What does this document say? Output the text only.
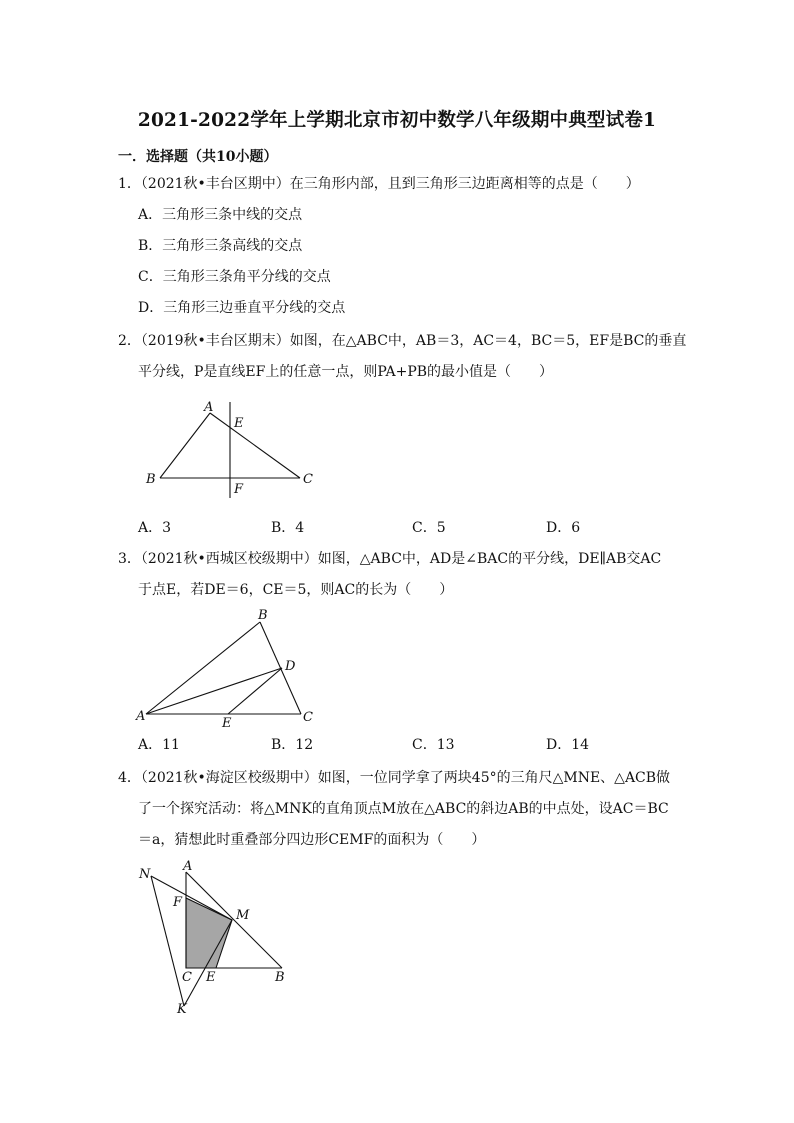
2021-2022学年上学期北京市初中数学八年级期中典型试卷1
一．选择题（共10小题）
1．（2021秋•丰台区期中）在三角形内部，且到三角形三边距离相等的点是（　　）
A．三角形三条中线的交点
B．三角形三条高线的交点
C．三角形三条角平分线的交点
D．三角形三边垂直平分线的交点
2．（2019秋•丰台区期末）如图，在△ABC中，AB＝3，AC＝4，BC＝5，EF是BC的垂直
平分线，P是直线EF上的任意一点，则PA+PB的最小值是（　　）
A
B	C
E
F
A．3	B．4	C．5	D．6
3．（2021秋•西城区校级期中）如图，△ABC中，AD是∠BAC的平分线，DE∥AB交AC
于点E，若DE＝6，CE＝5，则AC的长为（　　）
B
D
A	E	C
A．11	B．12	C．13	D．14
4．（2021秋•海淀区校级期中）如图，一位同学拿了两块45°的三角尺△MNE、△ACB做
了一个探究活动：将△MNK的直角顶点M放在△ABC的斜边AB的中点处，设AC＝BC
＝a，猜想此时重叠部分四边形CEMF的面积为（　　）
N
A
F
M
C E	B
K
